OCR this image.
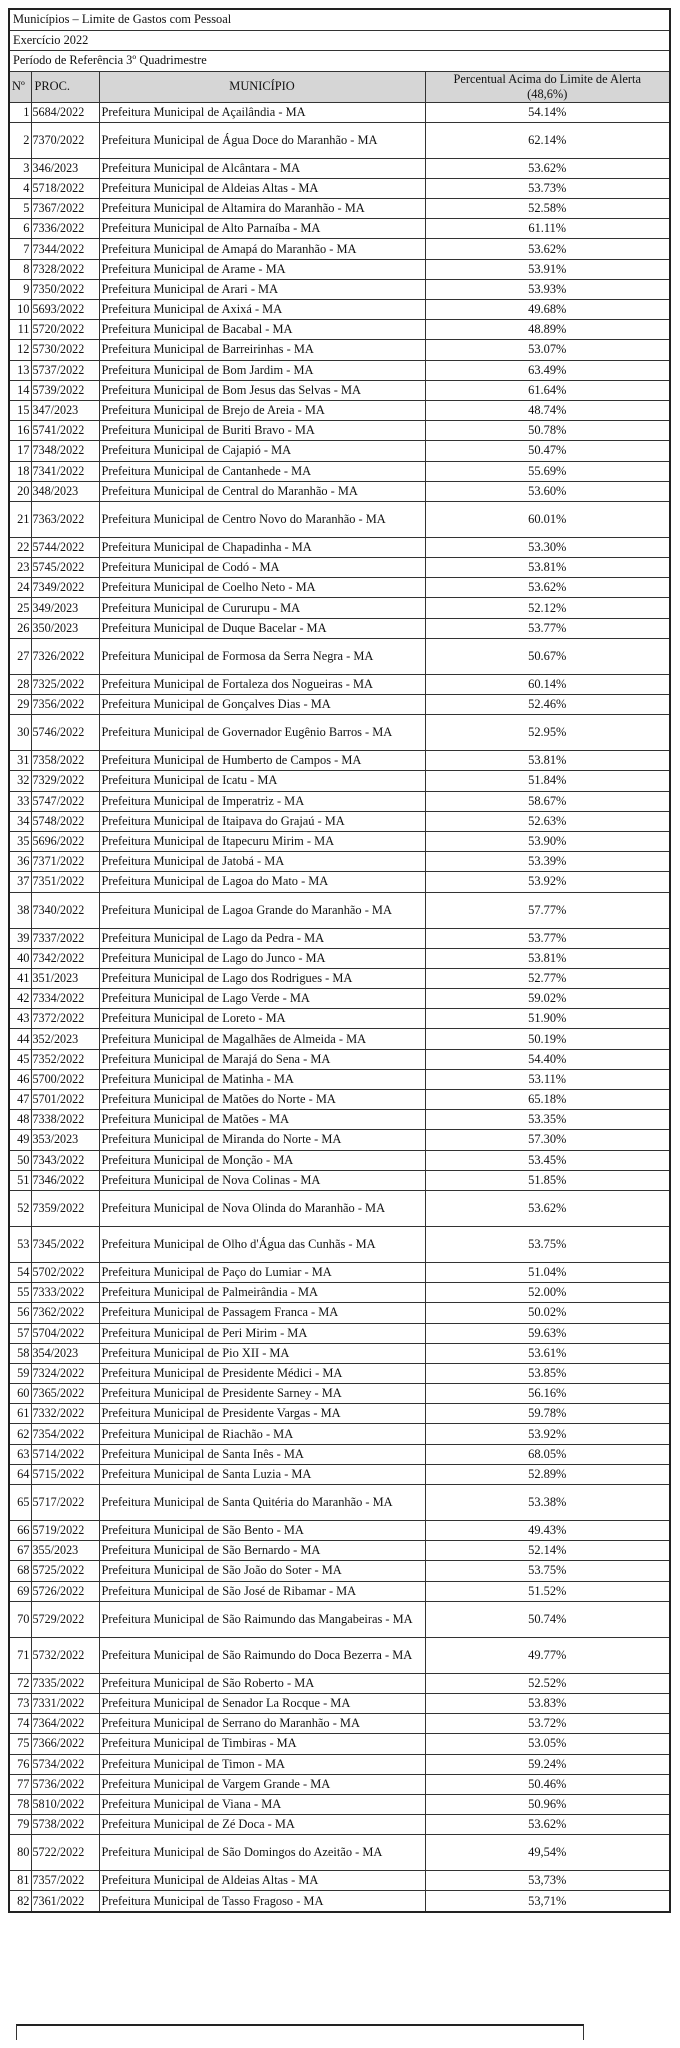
Municípios – Limite de Gastos com Pessoal			
Exercício 2022			
Período de Referência 3º Quadrimestre			
Nº	PROC.	MUNICÍPIO	Percentual Acima do Limite de Alerta
(48,6%)

1	5684/2022	Prefeitura Municipal de Açailândia - MA	54.14%
2	7370/2022	Prefeitura Municipal de Água Doce do Maranhão - MA	62.14%
3	346/2023	Prefeitura Municipal de Alcântara - MA	53.62%
4	5718/2022	Prefeitura Municipal de Aldeias Altas - MA	53.73%
5	7367/2022	Prefeitura Municipal de Altamira do Maranhão - MA	52.58%
6	7336/2022	Prefeitura Municipal de Alto Parnaíba - MA	61.11%
7	7344/2022	Prefeitura Municipal de Amapá do Maranhão - MA	53.62%
8	7328/2022	Prefeitura Municipal de Arame - MA	53.91%
9	7350/2022	Prefeitura Municipal de Arari - MA	53.93%
10	5693/2022	Prefeitura Municipal de Axixá - MA	49.68%
11	5720/2022	Prefeitura Municipal de Bacabal - MA	48.89%
12	5730/2022	Prefeitura Municipal de Barreirinhas - MA	53.07%
13	5737/2022	Prefeitura Municipal de Bom Jardim - MA	63.49%
14	5739/2022	Prefeitura Municipal de Bom Jesus das Selvas - MA	61.64%
15	347/2023	Prefeitura Municipal de Brejo de Areia - MA	48.74%
16	5741/2022	Prefeitura Municipal de Buriti Bravo - MA	50.78%
17	7348/2022	Prefeitura Municipal de Cajapió - MA	50.47%
18	7341/2022	Prefeitura Municipal de Cantanhede - MA	55.69%
20	348/2023	Prefeitura Municipal de Central do Maranhão - MA	53.60%
21	7363/2022	Prefeitura Municipal de Centro Novo do Maranhão - MA	60.01%
22	5744/2022	Prefeitura Municipal de Chapadinha - MA	53.30%
23	5745/2022	Prefeitura Municipal de Codó - MA	53.81%
24	7349/2022	Prefeitura Municipal de Coelho Neto - MA	53.62%
25	349/2023	Prefeitura Municipal de Cururupu - MA	52.12%
26	350/2023	Prefeitura Municipal de Duque Bacelar - MA	53.77%
27	7326/2022	Prefeitura Municipal de Formosa da Serra Negra - MA	50.67%
28	7325/2022	Prefeitura Municipal de Fortaleza dos Nogueiras - MA	60.14%
29	7356/2022	Prefeitura Municipal de Gonçalves Dias - MA	52.46%
30	5746/2022	Prefeitura Municipal de Governador Eugênio Barros - MA	52.95%
31	7358/2022	Prefeitura Municipal de Humberto de Campos - MA	53.81%
32	7329/2022	Prefeitura Municipal de Icatu - MA	51.84%
33	5747/2022	Prefeitura Municipal de Imperatriz - MA	58.67%
34	5748/2022	Prefeitura Municipal de Itaipava do Grajaú - MA	52.63%
35	5696/2022	Prefeitura Municipal de Itapecuru Mirim - MA	53.90%
36	7371/2022	Prefeitura Municipal de Jatobá - MA	53.39%
37	7351/2022	Prefeitura Municipal de Lagoa do Mato - MA	53.92%
38	7340/2022	Prefeitura Municipal de Lagoa Grande do Maranhão - MA	57.77%
39	7337/2022	Prefeitura Municipal de Lago da Pedra - MA	53.77%
40	7342/2022	Prefeitura Municipal de Lago do Junco - MA	53.81%
41	351/2023	Prefeitura Municipal de Lago dos Rodrigues - MA	52.77%
42	7334/2022	Prefeitura Municipal de Lago Verde - MA	59.02%
43	7372/2022	Prefeitura Municipal de Loreto - MA	51.90%
44	352/2023	Prefeitura Municipal de Magalhães de Almeida - MA	50.19%
45	7352/2022	Prefeitura Municipal de Marajá do Sena - MA	54.40%
46	5700/2022	Prefeitura Municipal de Matinha - MA	53.11%
47	5701/2022	Prefeitura Municipal de Matões do Norte - MA	65.18%
48	7338/2022	Prefeitura Municipal de Matões - MA	53.35%
49	353/2023	Prefeitura Municipal de Miranda do Norte - MA	57.30%
50	7343/2022	Prefeitura Municipal de Monção - MA	53.45%
51	7346/2022	Prefeitura Municipal de Nova Colinas - MA	51.85%
52	7359/2022	Prefeitura Municipal de Nova Olinda do Maranhão - MA	53.62%
53	7345/2022	Prefeitura Municipal de Olho d'Água das Cunhãs - MA	53.75%
54	5702/2022	Prefeitura Municipal de Paço do Lumiar - MA	51.04%
55	7333/2022	Prefeitura Municipal de Palmeirândia - MA	52.00%
56	7362/2022	Prefeitura Municipal de Passagem Franca - MA	50.02%
57	5704/2022	Prefeitura Municipal de Peri Mirim - MA	59.63%
58	354/2023	Prefeitura Municipal de Pio XII - MA	53.61%
59	7324/2022	Prefeitura Municipal de Presidente Médici - MA	53.85%
60	7365/2022	Prefeitura Municipal de Presidente Sarney - MA	56.16%
61	7332/2022	Prefeitura Municipal de Presidente Vargas - MA	59.78%
62	7354/2022	Prefeitura Municipal de Riachão - MA	53.92%
63	5714/2022	Prefeitura Municipal de Santa Inês - MA	68.05%
64	5715/2022	Prefeitura Municipal de Santa Luzia - MA	52.89%
65	5717/2022	Prefeitura Municipal de Santa Quitéria do Maranhão - MA	53.38%
66	5719/2022	Prefeitura Municipal de São Bento - MA	49.43%
67	355/2023	Prefeitura Municipal de São Bernardo - MA	52.14%
68	5725/2022	Prefeitura Municipal de São João do Soter - MA	53.75%
69	5726/2022	Prefeitura Municipal de São José de Ribamar - MA	51.52%
70	5729/2022	Prefeitura Municipal de São Raimundo das Mangabeiras - MA	50.74%
71	5732/2022	Prefeitura Municipal de São Raimundo do Doca Bezerra - MA	49.77%
72	7335/2022	Prefeitura Municipal de São Roberto - MA	52.52%
73	7331/2022	Prefeitura Municipal de Senador La Rocque - MA	53.83%
74	7364/2022	Prefeitura Municipal de Serrano do Maranhão - MA	53.72%
75	7366/2022	Prefeitura Municipal de Timbiras - MA	53.05%
76	5734/2022	Prefeitura Municipal de Timon - MA	59.24%
77	5736/2022	Prefeitura Municipal de Vargem Grande - MA	50.46%
78	5810/2022	Prefeitura Municipal de Viana - MA	50.96%
79	5738/2022	Prefeitura Municipal de Zé Doca - MA	53.62%
80	5722/2022	Prefeitura Municipal de São Domingos do Azeitão - MA	49,54%
81	7357/2022	Prefeitura Municipal de Aldeias Altas - MA	53,73%
82	7361/2022	Prefeitura Municipal de Tasso Fragoso - MA	53,71%
